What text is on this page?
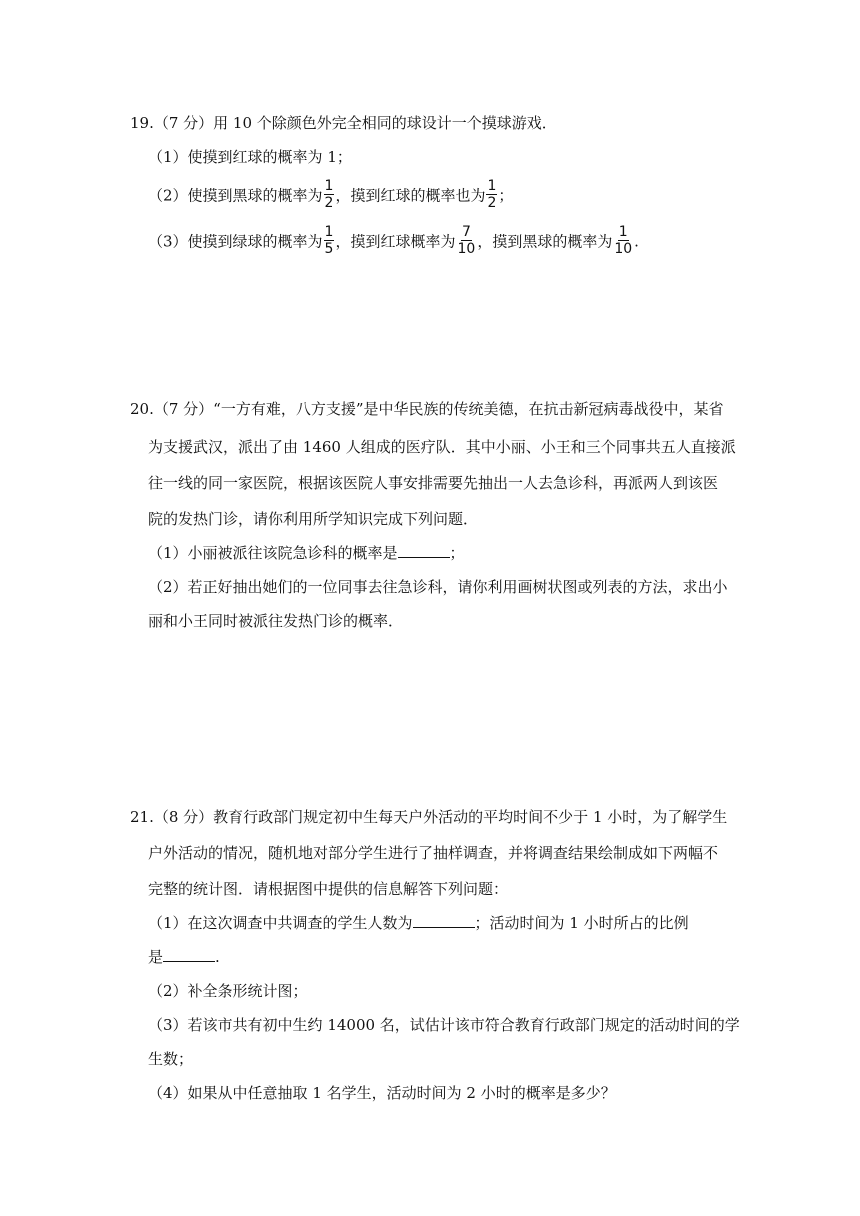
19.（7 分）用 10 个除颜色外完全相同的球设计一个摸球游戏．
（1）使摸到红球的概率为 1；
（2）使摸到黑球的概率为 $\frac{1}{2}$ ，摸到红球的概率也为 $\frac{1}{2}$ ；
（3）使摸到绿球的概率为 $\frac{1}{5}$ ，摸到红球概率为 $\frac{7}{10}$ ，摸到黑球的概率为 $\frac{1}{10}$ .
20.（7 分）“一方有难，八方支援”是中华民族的传统美德，在抗击新冠病毒战役中，某省
为支援武汉，派出了由 1460 人组成的医疗队．其中小丽、小王和三个同事共五人直接派
往一线的同一家医院，根据该医院人事安排需要先抽出一人去急诊科，再派两人到该医
院的发热门诊，请你利用所学知识完成下列问题．
（1）小丽被派往该院急诊科的概率是	；
（2）若正好抽出她们的一位同事去往急诊科，请你利用画树状图或列表的方法，求出小
丽和小王同时被派往发热门诊的概率．
21.（8 分）教育行政部门规定初中生每天户外活动的平均时间不少于 1 小时，为了解学生
户外活动的情况，随机地对部分学生进行了抽样调查，并将调查结果绘制成如下两幅不
完整的统计图．请根据图中提供的信息解答下列问题：
（1）在这次调查中共调查的学生人数为	；活动时间为 1 小时所占的比例
是	.
（2）补全条形统计图；
（3）若该市共有初中生约 14000 名，试估计该市符合教育行政部门规定的活动时间的学
生数；
（4）如果从中任意抽取 1 名学生，活动时间为 2 小时的概率是多少？
